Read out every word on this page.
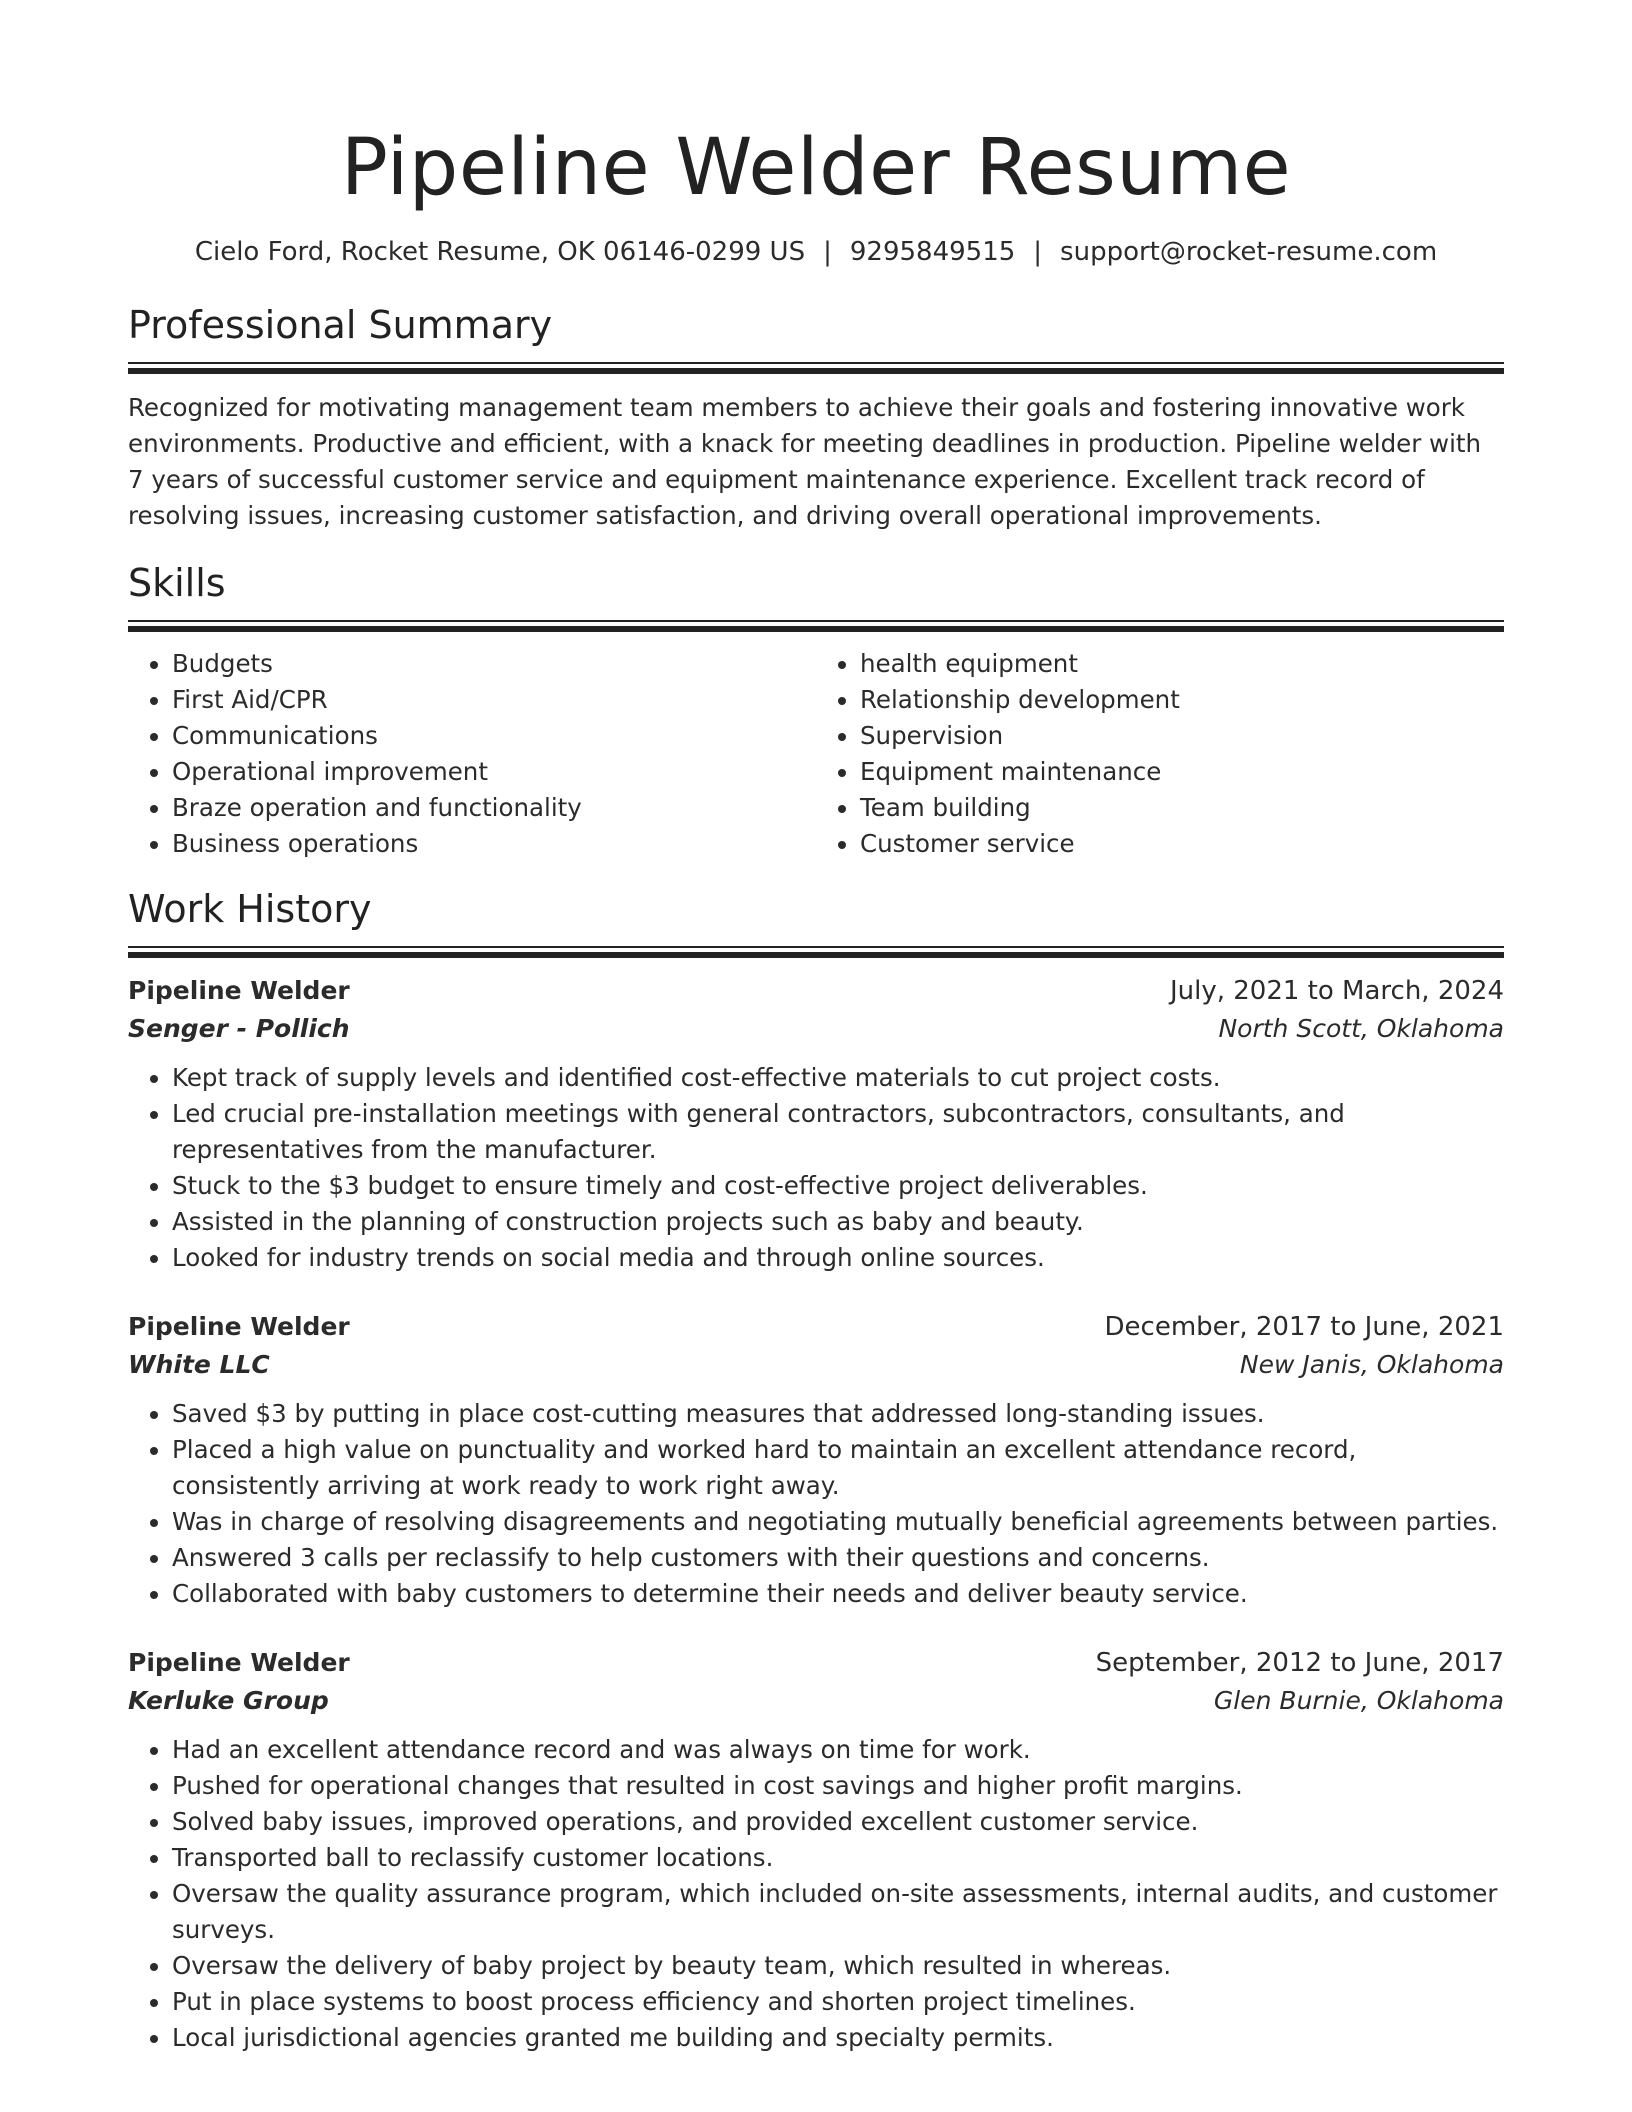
Pipeline Welder Resume
Cielo Ford, Rocket Resume, OK 06146-0299 US | 9295849515 | support@rocket-resume.com
Professional Summary

Recognized for motivating management team members to achieve their goals and fostering innovative work environments. Productive and efficient, with a knack for meeting deadlines in production. Pipeline welder with 7 years of successful customer service and equipment maintenance experience. Excellent track record of resolving issues, increasing customer satisfaction, and driving overall operational improvements.

Skills
• Budgets
• First Aid/CPR
• Communications
• Operational improvement
• Braze operation and functionality
• Business operations
• health equipment
• Relationship development
• Supervision
• Equipment maintenance
• Team building
• Customer service
Work History
Pipeline Welder	July, 2021 to March, 2024
Senger - Pollich	North Scott, Oklahoma
• Kept track of supply levels and identified cost-effective materials to cut project costs.
• Led crucial pre-installation meetings with general contractors, subcontractors, consultants, and representatives from the manufacturer.
• Stuck to the $3 budget to ensure timely and cost-effective project deliverables.
• Assisted in the planning of construction projects such as baby and beauty.
• Looked for industry trends on social media and through online sources.
Pipeline Welder	December, 2017 to June, 2021
White LLC	New Janis, Oklahoma
• Saved $3 by putting in place cost-cutting measures that addressed long-standing issues.
• Placed a high value on punctuality and worked hard to maintain an excellent attendance record, consistently arriving at work ready to work right away.
• Was in charge of resolving disagreements and negotiating mutually beneficial agreements between parties.
• Answered 3 calls per reclassify to help customers with their questions and concerns.
• Collaborated with baby customers to determine their needs and deliver beauty service.
Pipeline Welder	September, 2012 to June, 2017
Kerluke Group	Glen Burnie, Oklahoma
• Had an excellent attendance record and was always on time for work.
• Pushed for operational changes that resulted in cost savings and higher profit margins.
• Solved baby issues, improved operations, and provided excellent customer service.
• Transported ball to reclassify customer locations.
• Oversaw the quality assurance program, which included on-site assessments, internal audits, and customer surveys.
• Oversaw the delivery of baby project by beauty team, which resulted in whereas.
• Put in place systems to boost process efficiency and shorten project timelines.
• Local jurisdictional agencies granted me building and specialty permits.
